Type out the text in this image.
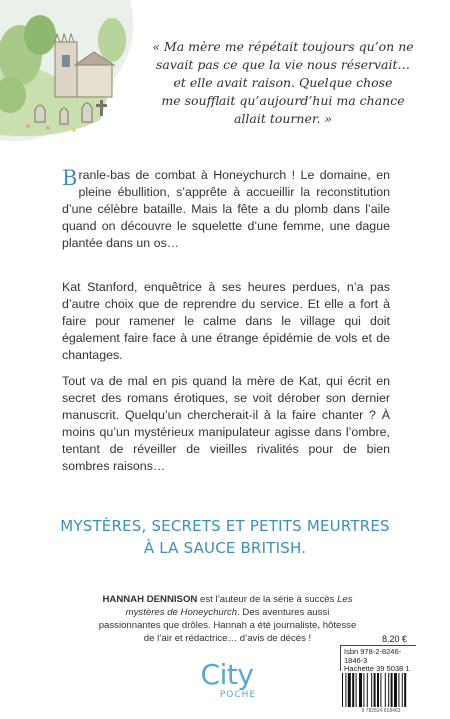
« Ma mère me répétait toujours qu’on ne
savait pas ce que la vie nous réservait…
et elle avait raison. Quelque chose
me soufflait qu’aujourd’hui ma chance
allait tourner. »
Branle-bas de combat à Honeychurch ! Le domaine, en pleine ébullition, s’apprête à accueillir la reconstitution d’une célèbre bataille. Mais la fête a du plomb dans l’aile quand on découvre le squelette d’une femme, une dague plantée dans un os…
Kat Stanford, enquêtrice à ses heures perdues, n’a pas d’autre choix que de reprendre du service. Et elle a fort à faire pour ramener le calme dans le village qui doit également faire face à une étrange épidémie de vols et de chantages.
Tout va de mal en pis quand la mère de Kat, qui écrit en secret des romans érotiques, se voit dérober son dernier manuscrit. Quelqu’un chercherait-il à la faire chanter ? À moins qu’un mystérieux manipulateur agisse dans l’ombre, tentant de réveiller de vieilles rivalités pour de bien sombres raisons…
MYSTÈRES, SECRETS ET PETITS MEURTRES
À LA SAUCE BRITISH.
HANNAH DENNISON est l’auteur de la série à succès Les mystères de Honeychurch. Des aventures aussi passionnantes que drôles. Hannah a été journaliste, hôtesse de l’air et rédactrice… d’avis de décès !	8.20 €
Isbn 978-2-8246-1846-3
Hachette 39 5038 1
9 782824 618463
City
POCHE
